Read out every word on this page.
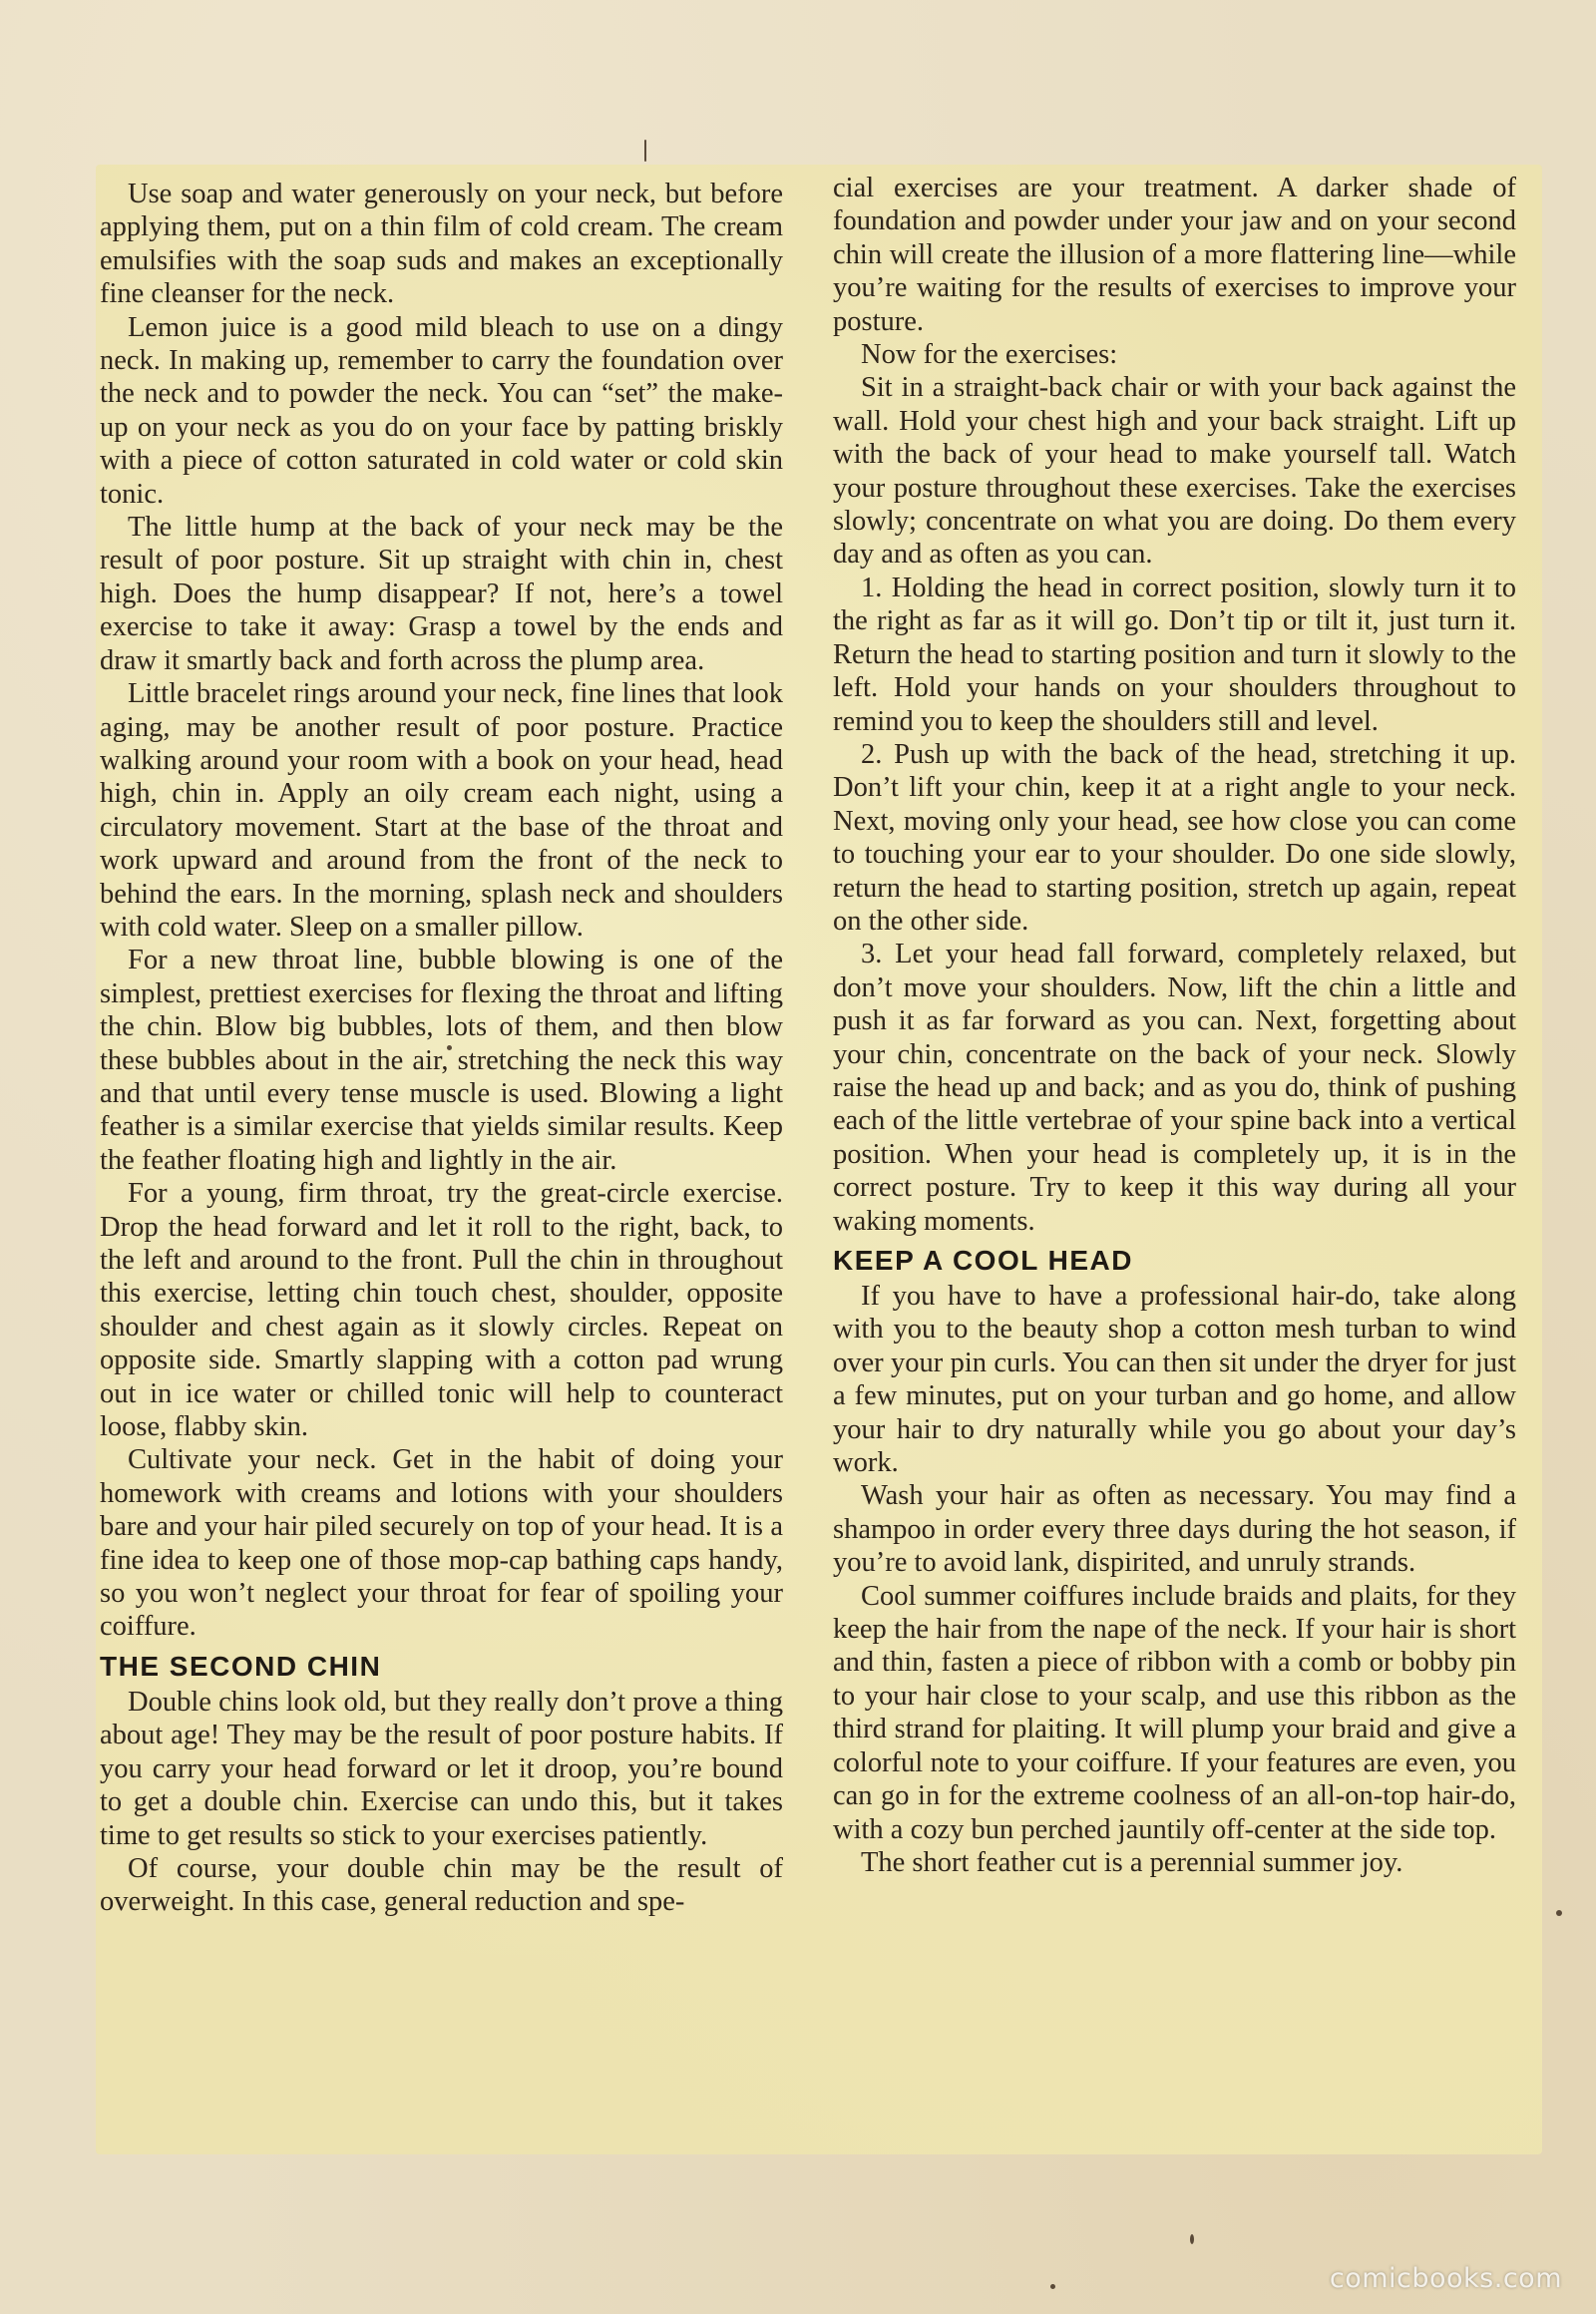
Use soap and water generously on your neck, but before applying them, put on a thin film of cold cream. The cream emulsifies with the soap suds and makes an exceptionally fine cleanser for the neck.

Lemon juice is a good mild bleach to use on a dingy neck. In making up, remember to carry the foundation over the neck and to powder the neck. You can “set” the make-up on your neck as you do on your face by patting briskly with a piece of cotton saturated in cold water or cold skin tonic.

The little hump at the back of your neck may be the result of poor posture. Sit up straight with chin in, chest high. Does the hump disappear? If not, here’s a towel exercise to take it away: Grasp a towel by the ends and draw it smartly back and forth across the plump area.

Little bracelet rings around your neck, fine lines that look aging, may be another result of poor posture. Practice walking around your room with a book on your head, head high, chin in. Apply an oily cream each night, using a circulatory movement. Start at the base of the throat and work upward and around from the front of the neck to behind the ears. In the morning, splash neck and shoulders with cold water. Sleep on a smaller pillow.

For a new throat line, bubble blowing is one of the simplest, prettiest exercises for flexing the throat and lifting the chin. Blow big bubbles, lots of them, and then blow these bubbles about in the air, stretching the neck this way and that until every tense muscle is used. Blowing a light feather is a similar exercise that yields similar results. Keep the feather floating high and lightly in the air.

For a young, firm throat, try the great-circle exercise. Drop the head forward and let it roll to the right, back, to the left and around to the front. Pull the chin in throughout this exercise, letting chin touch chest, shoulder, opposite shoulder and chest again as it slowly circles. Repeat on opposite side. Smartly slapping with a cotton pad wrung out in ice water or chilled tonic will help to counteract loose, flabby skin.

Cultivate your neck. Get in the habit of doing your homework with creams and lotions with your shoulders bare and your hair piled securely on top of your head. It is a fine idea to keep one of those mop-cap bathing caps handy, so you won’t neglect your throat for fear of spoiling your coiffure.

THE SECOND CHIN

Double chins look old, but they really don’t prove a thing about age! They may be the result of poor posture habits. If you carry your head forward or let it droop, you’re bound to get a double chin. Exercise can undo this, but it takes time to get results so stick to your exercises patiently.

Of course, your double chin may be the result of overweight. In this case, general reduction and spe-

cial exercises are your treatment. A darker shade of foundation and powder under your jaw and on your second chin will create the illusion of a more flattering line—while you’re waiting for the results of exercises to improve your posture.

Now for the exercises:

Sit in a straight-back chair or with your back against the wall. Hold your chest high and your back straight. Lift up with the back of your head to make yourself tall. Watch your posture throughout these exercises. Take the exercises slowly; concentrate on what you are doing. Do them every day and as often as you can.

1. Holding the head in correct position, slowly turn it to the right as far as it will go. Don’t tip or tilt it, just turn it. Return the head to starting position and turn it slowly to the left. Hold your hands on your shoulders throughout to remind you to keep the shoulders still and level.

2. Push up with the back of the head, stretching it up. Don’t lift your chin, keep it at a right angle to your neck. Next, moving only your head, see how close you can come to touching your ear to your shoulder. Do one side slowly, return the head to starting position, stretch up again, repeat on the other side.

3. Let your head fall forward, completely relaxed, but don’t move your shoulders. Now, lift the chin a little and push it as far forward as you can. Next, forgetting about your chin, concentrate on the back of your neck. Slowly raise the head up and back; and as you do, think of pushing each of the little vertebrae of your spine back into a vertical position. When your head is completely up, it is in the correct posture. Try to keep it this way during all your waking moments.

KEEP A COOL HEAD

If you have to have a professional hair-do, take along with you to the beauty shop a cotton mesh turban to wind over your pin curls. You can then sit under the dryer for just a few minutes, put on your turban and go home, and allow your hair to dry naturally while you go about your day’s work.

Wash your hair as often as necessary. You may find a shampoo in order every three days during the hot season, if you’re to avoid lank, dispirited, and unruly strands.

Cool summer coiffures include braids and plaits, for they keep the hair from the nape of the neck. If your hair is short and thin, fasten a piece of ribbon with a comb or bobby pin to your hair close to your scalp, and use this ribbon as the third strand for plaiting. It will plump your braid and give a colorful note to your coiffure. If your features are even, you can go in for the extreme coolness of an all-on-top hair-do, with a cozy bun perched jauntily off-center at the side top.

The short feather cut is a perennial summer joy.

comicbooks.com
